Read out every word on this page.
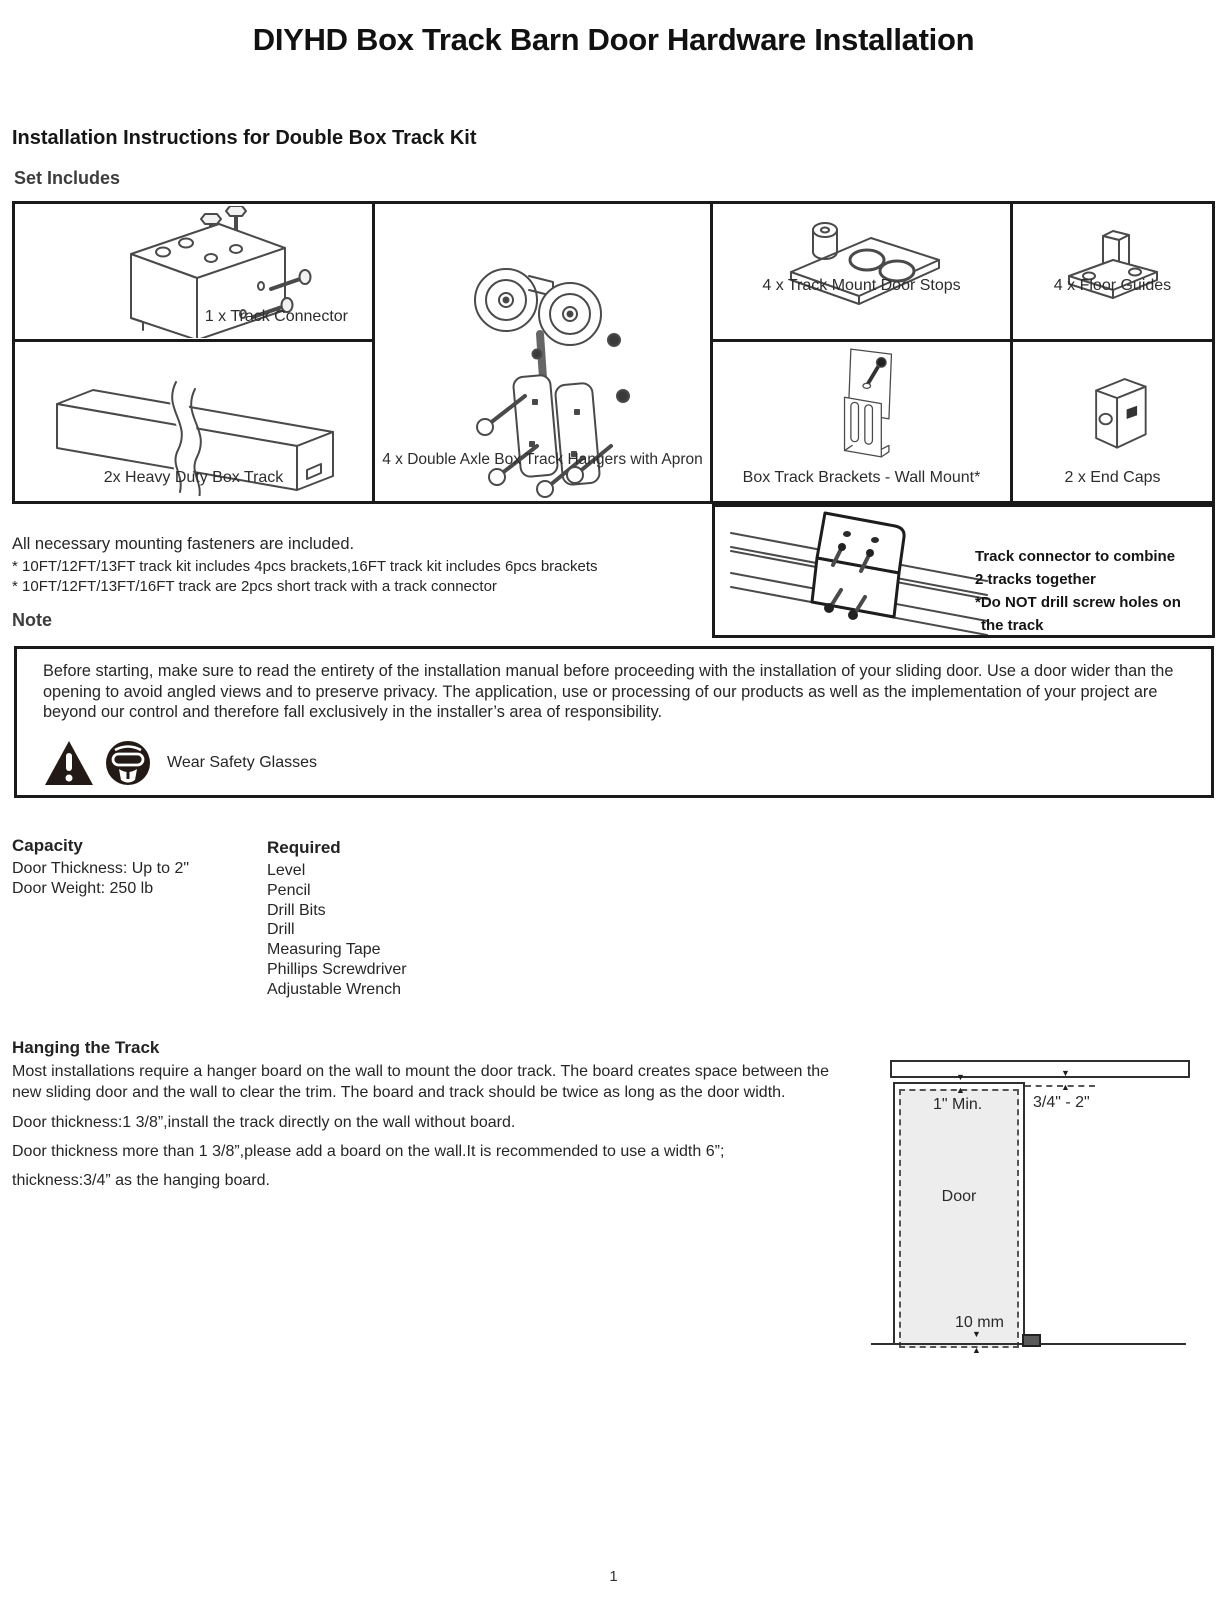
DIYHD Box Track Barn Door Hardware Installation
Installation Instructions for Double Box Track Kit
Set Includes
1 x Track Connector
2x Heavy Duty Box Track
4 x Double Axle Box Track Hangers with Apron
4 x Track Mount Door Stops	4 x Floor Guides
Box Track Brackets - Wall Mount*	2 x End Caps
All necessary mounting fasteners are included.
* 10FT/12FT/13FT track kit includes 4pcs brackets,16FT track kit includes 6pcs brackets
* 10FT/12FT/13FT/16FT track are 2pcs short track with a track connector
Track connector to combine
2 tracks together
*Do NOT drill screw holes on
the track
Note
Before starting, make sure to read the entirety of the installation manual before proceeding with the installation of your sliding door. Use a door wider than the opening to avoid angled views and to preserve privacy. The application, use or processing of our products as well as the implementation of your project are beyond our control and therefore fall exclusively in the installer’s area of responsibility.
Wear Safety Glasses
Capacity
Door Thickness: Up to 2"
Door Weight: 250 lb
Required
Level
Pencil
Drill Bits
Drill
Measuring Tape
Phillips Screwdriver
Adjustable Wrench
Hanging the Track

Most installations require a hanger board on the wall to mount the door track. The board creates space between the new sliding door and the wall to clear the trim. The board and track should be twice as long as the door width.

Door thickness:1 3/8”,install the track directly on the wall without board.

Door thickness more than 1 3/8”,please add a board on the wall.It is recommended to use a width 6”;

thickness:3/4” as the hanging board.

▼
▲
1" Min.
▼
▲
3/4" - 2"
Door
10 mm
▼
▲
1
